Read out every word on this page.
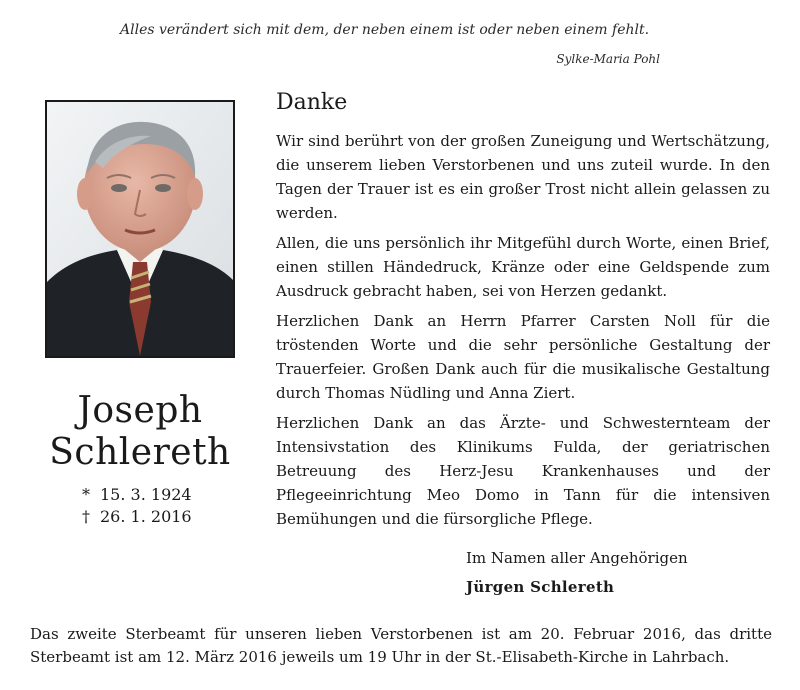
Alles verändert sich mit dem, der neben einem ist oder neben einem fehlt.
Sylke-Maria Pohl
Joseph
Schlereth
* 15. 3. 1924
† 26. 1. 2016
Danke

Wir sind berührt von der großen Zuneigung und Wertschätzung, die unserem lieben Verstorbenen und uns zuteil wurde. In den Tagen der Trauer ist es ein großer Trost nicht allein gelassen zu werden.

Allen, die uns persönlich ihr Mitgefühl durch Worte, einen Brief, einen stillen Händedruck, Kränze oder eine Geldspende zum Ausdruck gebracht haben, sei von Herzen gedankt.

Herzlichen Dank an Herrn Pfarrer Carsten Noll für die tröstenden Worte und die sehr persönliche Gestaltung der Trauerfeier. Großen Dank auch für die musikalische Gestaltung durch Thomas Nüdling und Anna Ziert.

Herzlichen Dank an das Ärzte- und Schwesternteam der Intensivstation des Klinikums Fulda, der geriatrischen Betreuung des Herz-Jesu Krankenhauses und der Pflegeeinrichtung Meo Domo in Tann für die intensiven Bemühungen und die fürsorgliche Pflege.

Im Namen aller Angehörigen
Jürgen Schlereth
Das zweite Sterbeamt für unseren lieben Verstorbenen ist am 20. Februar 2016, das dritte Sterbeamt ist am 12. März 2016 jeweils um 19 Uhr in der St.-Elisabeth-Kirche in Lahrbach.
